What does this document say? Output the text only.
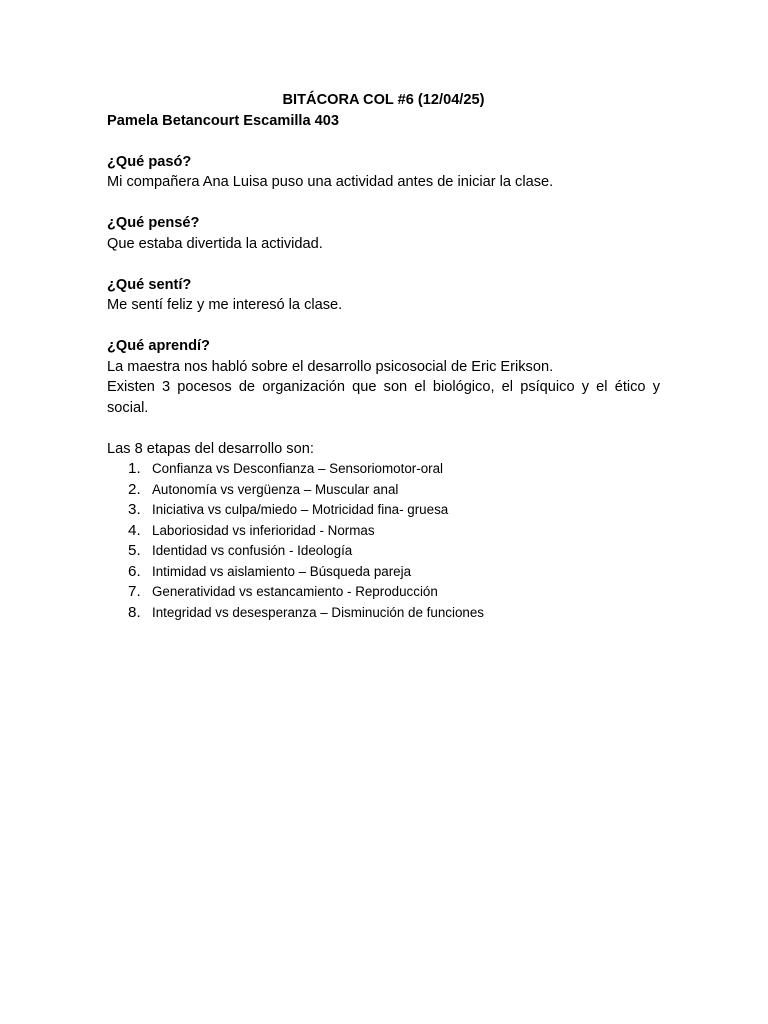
BITÁCORA COL #6 (12/04/25)

Pamela Betancourt Escamilla 403

¿Qué pasó?

Mi compañera Ana Luisa puso una actividad antes de iniciar la clase.

¿Qué pensé?

Que estaba divertida la actividad.

¿Qué sentí?

Me sentí feliz y me interesó la clase.

¿Qué aprendí?

La maestra nos habló sobre el desarrollo psicosocial de Eric Erikson.

Existen 3 pocesos de organización que son el biológico, el psíquico y el ético y social.

Las 8 etapas del desarrollo son:

1. Confianza vs Desconfianza – Sensoriomotor-oral
2. Autonomía vs vergüenza – Muscular anal
3. Iniciativa vs culpa/miedo – Motricidad fina- gruesa
4. Laboriosidad vs inferioridad - Normas
5. Identidad vs confusión - Ideología
6. Intimidad vs aislamiento – Búsqueda pareja
7. Generatividad vs estancamiento - Reproducción
8. Integridad vs desesperanza – Disminución de funciones
